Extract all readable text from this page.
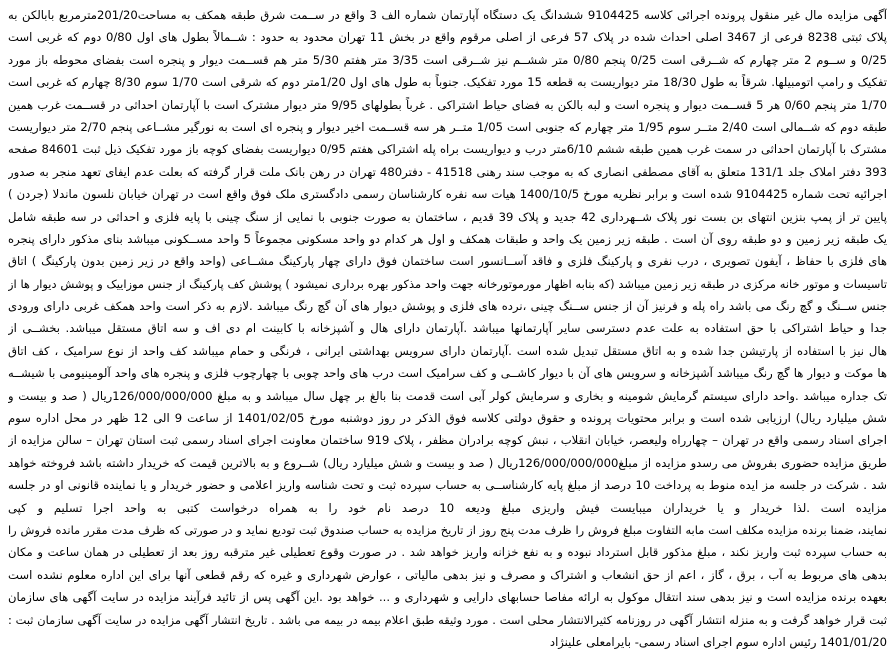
آگهی مزایده مال غیر منقول پرونده اجرائی کلاسه 9104425 ششدانگ یک دستگاه آپارتمان شماره الف 3 واقع در ســمت شرق طبقه همکف به مساحت201/20مترمربع بابالکن به
پلاک ثبتی 8238 فرعی از 3467 اصلی احداث شده در پلاک 57 فرعی از اصلی مرقوم واقع در بخش 11 تهران محدود به حدود : شــمالاً بطول های اول 0/80 دوم که غربی است
0/25 و ســوم 2 متر چهارم که شــرقی است 0/25 پنجم 0/80 متر ششــم نیز شــرقی است 3/35 متر هفتم 5/30 متر هم قســمت دیوار و پنجره است بفضای محوطه باز مورد
تفکیک و رامپ اتومبیلها. شرقاً به طول 18/30 متر دیواریست به قطعه 15 مورد تفکیک. جنوباً به طول های اول 1/20متر دوم که شرقی است 1/70 سوم 8/30 چهارم که غربی است
1/70 متر پنجم 0/60 هر 5 قســمت دیوار و پنجره است و لبه بالکن به فضای حیاط اشتراکی . غرباً بطولهای 9/95 متر دیوار مشترک است با آپارتمان احداثی در قســمت غرب همین
طبقه دوم که شــمالی است 2/40 متــر سوم 1/95 متر چهارم که جنوبی است 1/05 متــر هر سه قســمت اخیر دیوار و پنجره ای است به نورگیر مشــاعی پنجم 2/70 متر دیواریست
مشترک با آپارتمان احداثی در سمت غرب همین طبقه ششم 6/10متر درب و دیواریست براه پله اشتراکی هفتم 0/95 دیواریست بفضای کوچه باز مورد تفکیک ذیل ثبت 84601 صفحه
393 دفتر املاک جلد 131/1 متعلق به آقای مصطفی انصاری که به موجب سند رهنی 41518 - دفتر480 تهران در رهن بانک ملت قرار گرفته که بعلت عدم ایفای تعهد منجر به صدور
اجرائیه تحت شماره 9104425 شده است و برابر نظریه مورخ 1400/10/5 هیات سه نفره کارشناسان رسمی دادگستری ملک فوق واقع است در تهران خیابان نلسون ماندلا (جردن )
پایین تر از پمپ بنزین انتهای بن بست نور پلاک شــهرداری 42 جدید و پلاک 39 قدیم ، ساختمان به صورت جنوبی با نمایی از سنگ چینی با پایه فلزی و احداثی در سه طبقه شامل
یک طبقه زیر زمین و دو طبقه روی آن است . طبقه زیر زمین یک واحد و طبقات همکف و اول هر کدام دو واحد مسکونی مجموعاً 5 واحد مســکونی میباشد بنای مذکور دارای پنجره
های فلزی با حفاظ ، آیفون تصویری ، درب نفری و پارکینگ فلزی و فاقد آســانسور است ساختمان فوق دارای چهار پارکینگ مشــاعی (واحد واقع در زیر زمین بدون پارکینگ ) اتاق
تاسیسات و موتور خانه مرکزی در طبقه زیر زمین میباشد (که بنابه اظهار مورموتورخانه جهت واحد مذکور بهره برداری نمیشود ) پوشش کف پارکینگ از جنس موزاییک و پوشش دیوار ها از
جنس ســنگ و گچ رنگ می باشد راه پله و فرنیز آن از جنس ســنگ چینی ،نرده های فلزی و پوشش دیوار های آن گچ رنگ میباشد .لازم به ذکر است واحد همکف غربی دارای ورودی
جدا و حیاط اشتراکی با حق استفاده به علت عدم دسترسی سایر آپارتمانها میباشد .آپارتمان دارای هال و آشپزخانه با کابینت ام دی اف و سه اتاق مستقل میباشد. بخشــی از
هال نیز با استفاده از پارتیشن جدا شده و به اتاق مستقل تبدیل شده است .آپارتمان دارای سرویس بهداشتی ایرانی ، فرنگی و حمام میباشد کف واحد از نوع سرامیک ، کف اتاق
ها موکت و دیوار ها گچ رنگ میباشد آشپزخانه و سرویس های آن با دیوار کاشــی و کف سرامیک است درب های واحد چوبی با چهارچوب فلزی و پنجره های واحد آلومینیومی با شیشــه
تک جداره میباشد .واحد دارای سیستم گرمایش شومینه و بخاری و سرمایش کولر آبی است قدمت بنا بالغ بر چهل سال میباشد و به مبلغ 126/000/000/000ریال ( صد و بیست و
شش میلیارد ریال) ارزیابی شده است و برابر محتویات پرونده و حقوق دولتی کلاسه فوق الذکر در روز دوشنبه مورخ 1401/02/05 از ساعت 9 الی 12 ظهر در محل اداره سوم
اجرای اسناد رسمی واقع در تهران – چهارراه ولیعصر، خیابان انقلاب ، نبش کوچه برادران مظفر ، پلاک 919 ساختمان معاونت اجرای اسناد رسمی ثبت استان تهران – سالن مزایده از
طریق مزایده حضوری بفروش می رسدو مزایده از مبلغ126/000/000/000ریال ( صد و بیست و شش میلیارد ریال) شــروع و به بالاترین قیمت که خریدار داشته باشد فروخته خواهد
شد . شرکت در جلسه مز ایده منوط به پرداخت 10 درصد از مبلغ پایه کارشناســی به حساب سپرده ثبت و تحت شناسه واریز اعلامی و حضور خریدار و یا نماینده قانونی او در جلسه
مزایده است .لذا خریدار و یا خریداران میبایست فیش واریزی مبلغ ودیعه 10 درصد نام خود را به همراه درخواست کتبی به واحد اجرا تسلیم و کپی
نمایند، ضمنا برنده مزایده مکلف است مابه التفاوت مبلغ فروش را ظرف مدت پنج روز از تاریخ مزایده به حساب صندوق ثبت تودیع نماید و در صورتی که ظرف مدت مقرر مانده فروش را
به حساب سپرده ثبت واریز نکند ، مبلغ مذکور قابل استرداد نبوده و به نفع خزانه واریز خواهد شد . در صورت وقوع تعطیلی غیر مترقبه روز بعد از تعطیلی در همان ساعت و مکان
بدهی های مربوط به آب ، برق ، گاز ، اعم از حق انشعاب و اشتراک و مصرف و نیز بدهی مالیاتی ، عوارض شهرداری و غیره که رقم قطعی آنها برای این اداره معلوم نشده است
بعهده برنده مزایده است و نیز بدهی سند انتقال موکول به ارائه مفاصا حسابهای دارایی و شهرداری و ... خواهد بود .این آگهی پس از تائید فرآیند مزایده در سایت آگهی های سازمان
ثبت قرار خواهد گرفت و به منزله انتشار آگهی در روزنامه کثیرالانتشار محلی است . مورد وثیقه طبق اعلام بیمه در بیمه می باشد . تاریخ انتشار آگهی مزایده در سایت آگهی سازمان ثبت :
1401/01/20 رئیس اداره سوم اجرای اسناد رسمی- بایرامعلی علینژاد
